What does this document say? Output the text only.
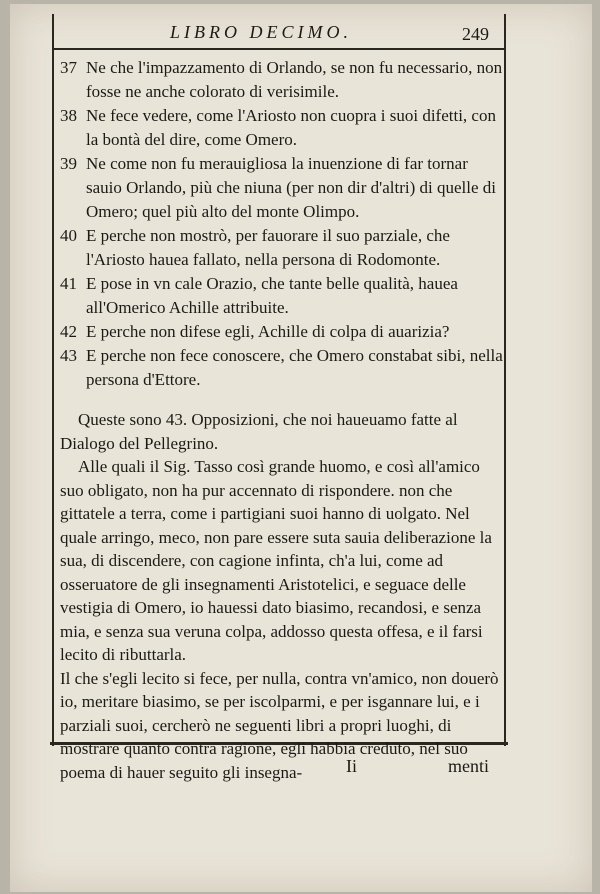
LIBRO DECIMO.	249
37 Ne che l'impazzamento di Orlando, se non fu necessario, non fosse ne anche colorato di verisimile.
38 Ne fece vedere, come l'Ariosto non cuopra i suoi difetti, con la bontà del dire, come Omero.
39 Ne come non fu merauigliosa la inuenzione di far tornar sauio Orlando, più che niuna (per non dir d'altri) di quelle di Omero; quel più alto del monte Olimpo.
40 E perche non mostrò, per fauorare il suo parziale, che l'Ariosto hauea fallato, nella persona di Rodomonte.
41 E pose in vn cale Orazio, che tante belle qualità, hauea all'Omerico Achille attribuite.
42 E perche non difese egli, Achille di colpa di auarizia?
43 E perche non fece conoscere, che Omero constabat sibi, nella persona d'Ettore.

Queste sono 43. Opposizioni, che noi haueuamo fatte al Dialogo del Pellegrino.

Alle quali il Sig. Tasso così grande huomo, e così all'amico suo obligato, non ha pur accennato di rispondere. non che gittatele a terra, come i partigiani suoi hanno di uolgato. Nel quale arringo, meco, non pare essere suta sauia deliberazione la sua, di discendere, con cagione infinta, ch'a lui, come ad osseruatore de gli insegnamenti Aristotelici, e seguace delle vestigia di Omero, io hauessi dato biasimo, recandosi, e senza mia, e senza sua veruna colpa, addosso questa offesa, e il farsi lecito di ributtarla.

Il che s'egli lecito si fece, per nulla, contra vn'amico, non douerò io, meritare biasimo, se per iscolparmi, e per isgannare lui, e i parziali suoi, cercherò ne seguenti libri a propri luoghi, di mostrare quanto contra ragione, egli habbia creduto, nel suo poema di hauer seguito gli insegna-	Ii	menti
